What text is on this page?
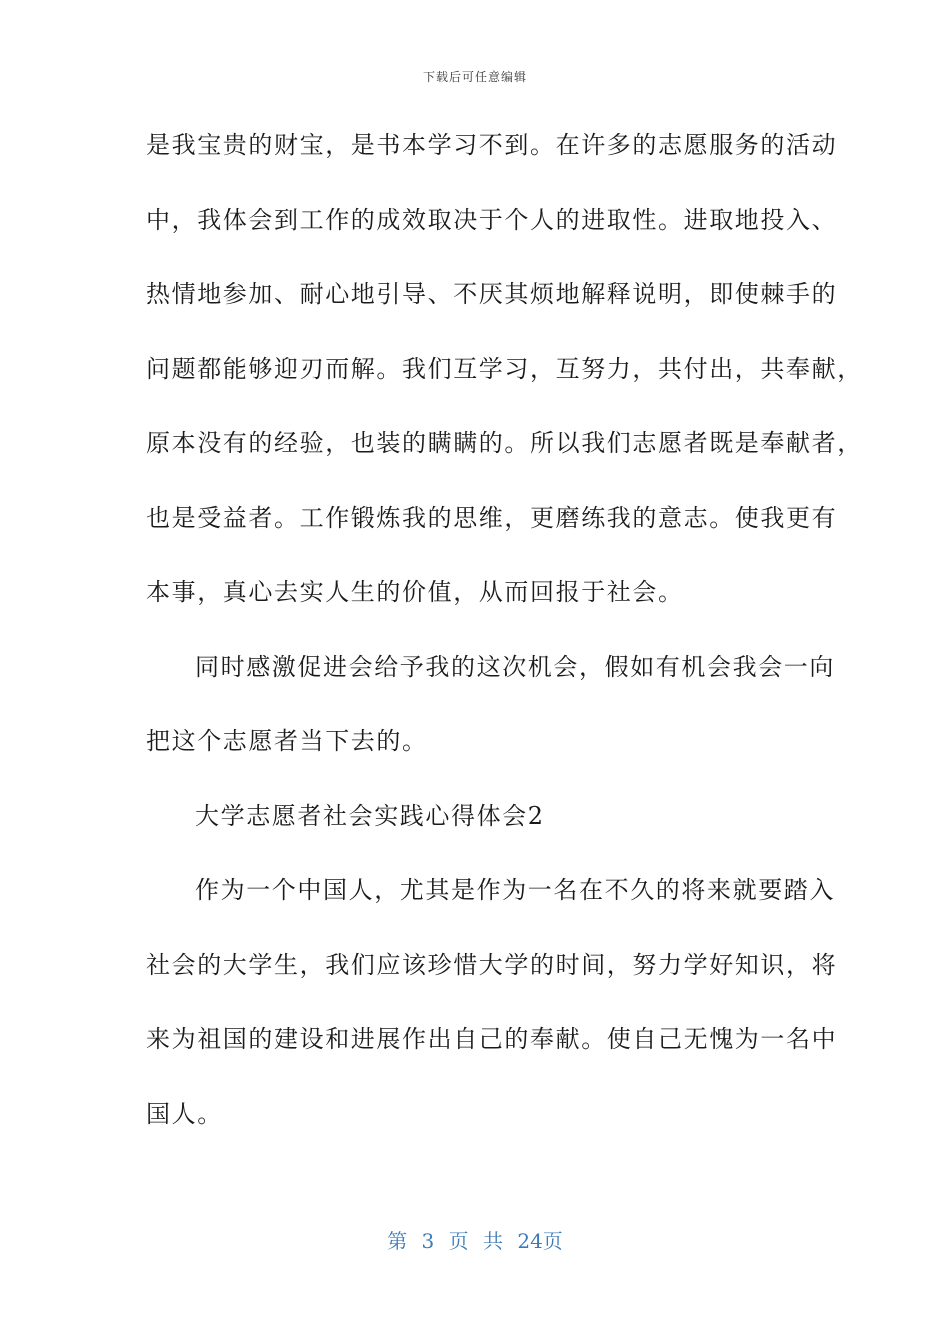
下载后可任意编辑
是我宝贵的财宝，是书本学习不到。在许多的志愿服务的活动
中，我体会到工作的成效取决于个人的进取性。进取地投入、
热情地参加、耐心地引导、不厌其烦地解释说明，即使棘手的
问题都能够迎刃而解。我们互学习，互努力，共付出，共奉献，
原本没有的经验，也装的瞒瞒的。所以我们志愿者既是奉献者，
也是受益者。工作锻炼我的思维，更磨练我的意志。使我更有
本事，真心去实人生的价值，从而回报于社会。
同时感激促进会给予我的这次机会，假如有机会我会一向
把这个志愿者当下去的。
大学志愿者社会实践心得体会2
作为一个中国人，尤其是作为一名在不久的将来就要踏入
社会的大学生，我们应该珍惜大学的时间，努力学好知识，将
来为祖国的建设和进展作出自己的奉献。使自己无愧为一名中
国人。
第 3 页 共 24页
